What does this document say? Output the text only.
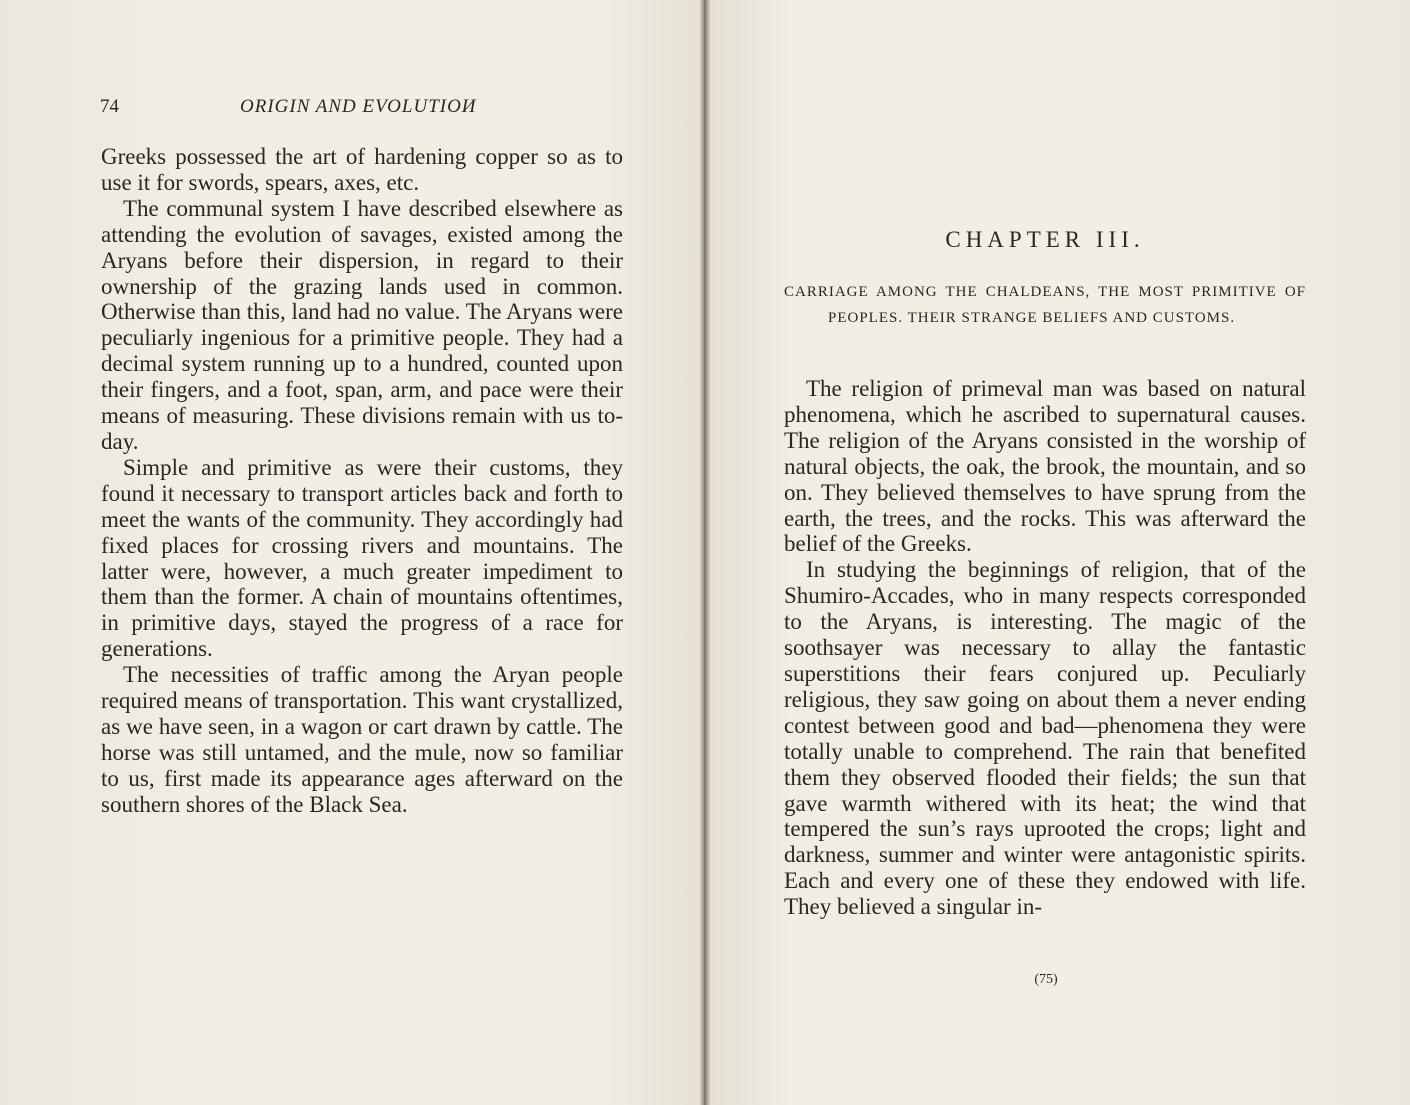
74	ORIGIN AND EVOLUTIOИ

Greeks possessed the art of hardening copper so as to use it for swords, spears, axes, etc.

The communal system I have described elsewhere as attending the evolution of savages, existed among the Aryans before their dispersion, in regard to their ownership of the grazing lands used in common. Otherwise than this, land had no value. The Aryans were peculiarly ingenious for a primitive people. They had a decimal system running up to a hundred, counted upon their fingers, and a foot, span, arm, and pace were their means of measuring. These divisions remain with us to-day.

Simple and primitive as were their customs, they found it necessary to transport articles back and forth to meet the wants of the community. They accordingly had fixed places for crossing rivers and mountains. The latter were, however, a much greater impediment to them than the former. A chain of mountains oftentimes, in primitive days, stayed the progress of a race for generations.

The necessities of traffic among the Aryan people required means of transportation. This want crystallized, as we have seen, in a wagon or cart drawn by cattle. The horse was still untamed, and the mule, now so familiar to us, first made its appearance ages afterward on the southern shores of the Black Sea.

CHAPTER III.
CARRIAGE AMONG THE CHALDEANS, THE MOST PRIMITIVE OF PEOPLES. THEIR STRANGE BELIEFS AND CUSTOMS.

The religion of primeval man was based on natural phenomena, which he ascribed to supernatural causes. The religion of the Aryans consisted in the worship of natural objects, the oak, the brook, the mountain, and so on. They believed themselves to have sprung from the earth, the trees, and the rocks. This was afterward the belief of the Greeks.

In studying the beginnings of religion, that of the Shumiro-Accades, who in many respects corresponded to the Aryans, is interesting. The magic of the soothsayer was necessary to allay the fantastic superstitions their fears conjured up. Peculiarly religious, they saw going on about them a never ending contest between good and bad—phenomena they were totally unable to comprehend. The rain that benefited them they observed flooded their fields; the sun that gave warmth withered with its heat; the wind that tempered the sun’s rays uprooted the crops; light and darkness, summer and winter were antagonistic spirits. Each and every one of these they endowed with life. They believed a singular in-

(75)
